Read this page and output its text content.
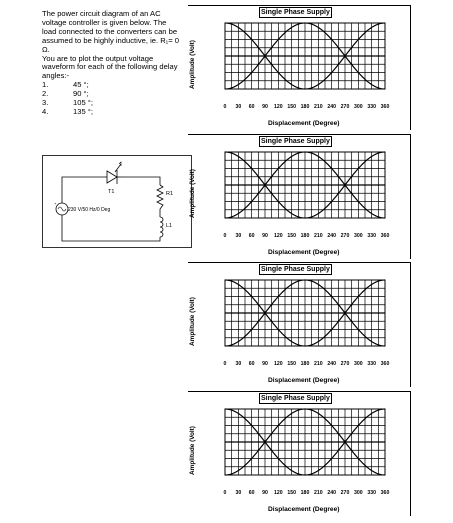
The power circuit diagram of an AC voltage controller is given below. The load connected to the converters can be assumed to be highly inductive, ie. R₁= 0 Ω.

You are to plot the output voltage waveform for each of the following delay angles:-

1.	45 °;
2.	90 °;
3.	105 °;
4.	135 °;
T1
+
230 V/50 Hz/0 Deg
R1
L1
Single Phase Supply
Amplitude (Volt)
0 30 60 90 120 150 180 210 240 270 300 330 360
Displacement (Degree)
Single Phase Supply
Amplitude (Volt)
0 30 60 90 120 150 180 210 240 270 300 330 360
Displacement (Degree)
Single Phase Supply
Amplitude (Volt)
0 30 60 90 120 150 180 210 240 270 300 330 360
Displacement (Degree)
Single Phase Supply
Amplitude (Volt)
0 30 60 90 120 150 180 210 240 270 300 330 360
Displacement (Degree)
